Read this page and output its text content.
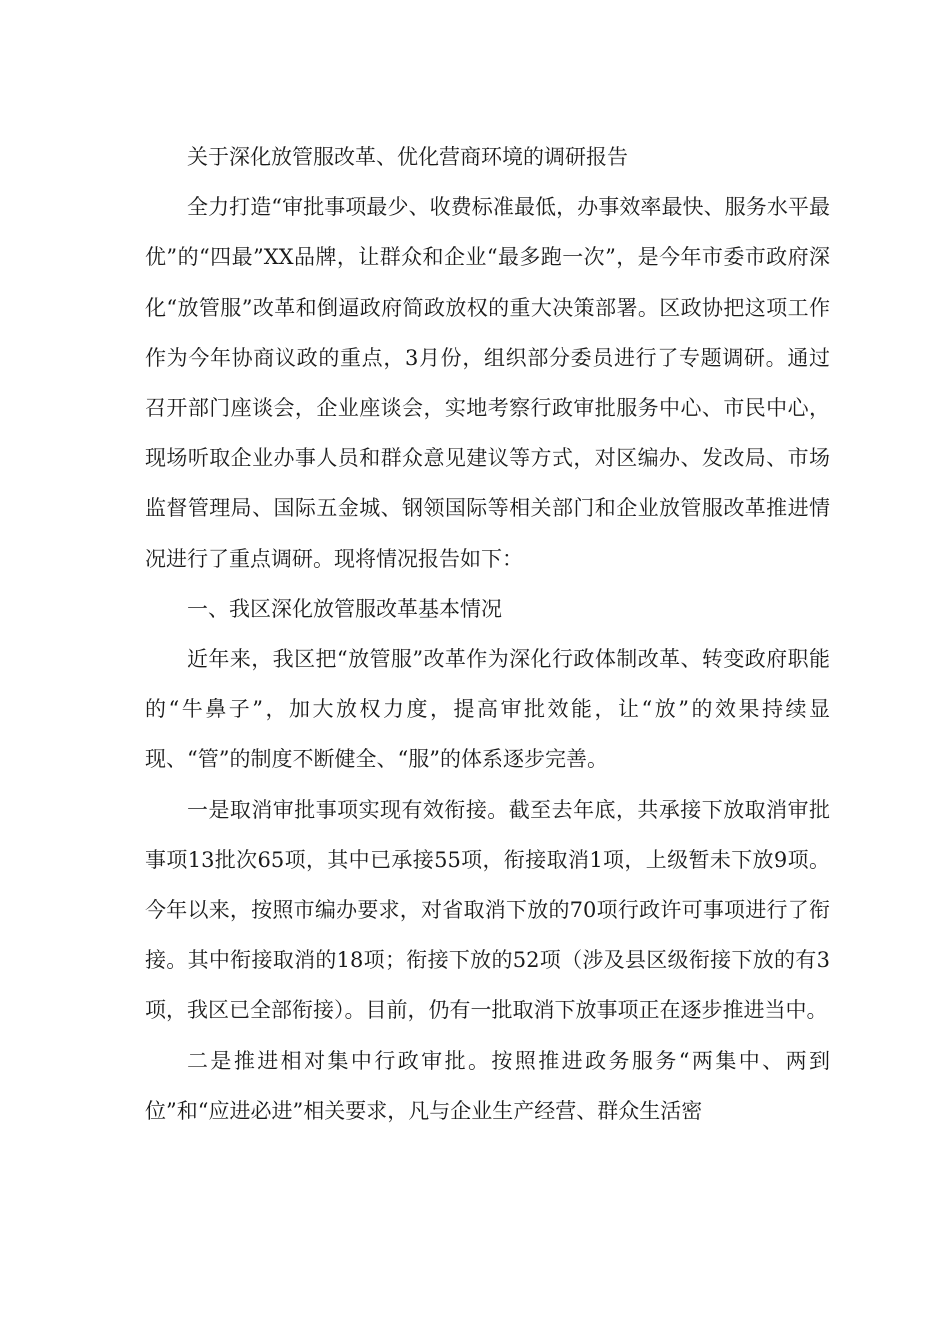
关于深化放管服改革、优化营商环境的调研报告

全力打造“审批事项最少、收费标准最低，办事效率最快、服务水平最优”的“四最”XX品牌，让群众和企业“最多跑一次”，是今年市委市政府深化“放管服”改革和倒逼政府简政放权的重大决策部署。区政协把这项工作作为今年协商议政的重点，3月份，组织部分委员进行了专题调研。通过召开部门座谈会，企业座谈会，实地考察行政审批服务中心、市民中心，现场听取企业办事人员和群众意见建议等方式，对区编办、发改局、市场监督管理局、国际五金城、钢领国际等相关部门和企业放管服改革推进情况进行了重点调研。现将情况报告如下：

一、我区深化放管服改革基本情况

近年来，我区把“放管服”改革作为深化行政体制改革、转变政府职能的“牛鼻子”，加大放权力度，提高审批效能，让“放”的效果持续显现、“管”的制度不断健全、“服”的体系逐步完善。

一是取消审批事项实现有效衔接。截至去年底，共承接下放取消审批事项13批次65项，其中已承接55项，衔接取消1项，上级暂未下放9项。今年以来，按照市编办要求，对省取消下放的70项行政许可事项进行了衔接。其中衔接取消的18项；衔接下放的52项（涉及县区级衔接下放的有3项，我区已全部衔接）。目前，仍有一批取消下放事项正在逐步推进当中。

二是推进相对集中行政审批。按照推进政务服务“两集中、两到位”和“应进必进”相关要求，凡与企业生产经营、群众生活密
